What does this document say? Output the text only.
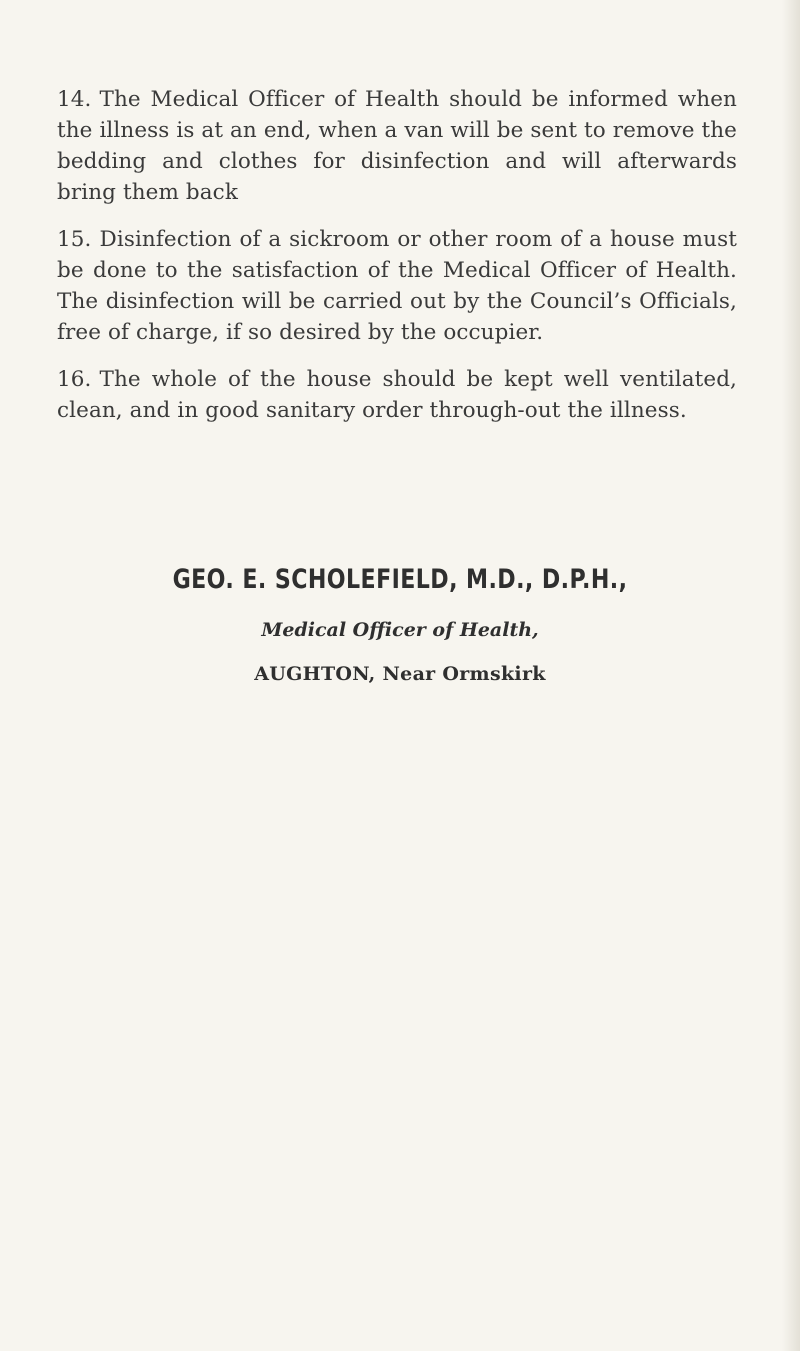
14. The Medical Officer of Health should be informed when the illness is at an end, when a van will be sent to remove the bedding and clothes for disinfection and will afterwards bring them back

15. Disinfection of a sickroom or other room of a house must be done to the satisfaction of the Medical Officer of Health. The disinfection will be carried out by the Council’s Officials, free of charge, if so desired by the occupier.

16. The whole of the house should be kept well ventilated, clean, and in good sanitary order through-out the illness.

GEO. E. SCHOLEFIELD, M.D., D.P.H.,
Medical Officer of Health,
AUGHTON, Near Ormskirk
